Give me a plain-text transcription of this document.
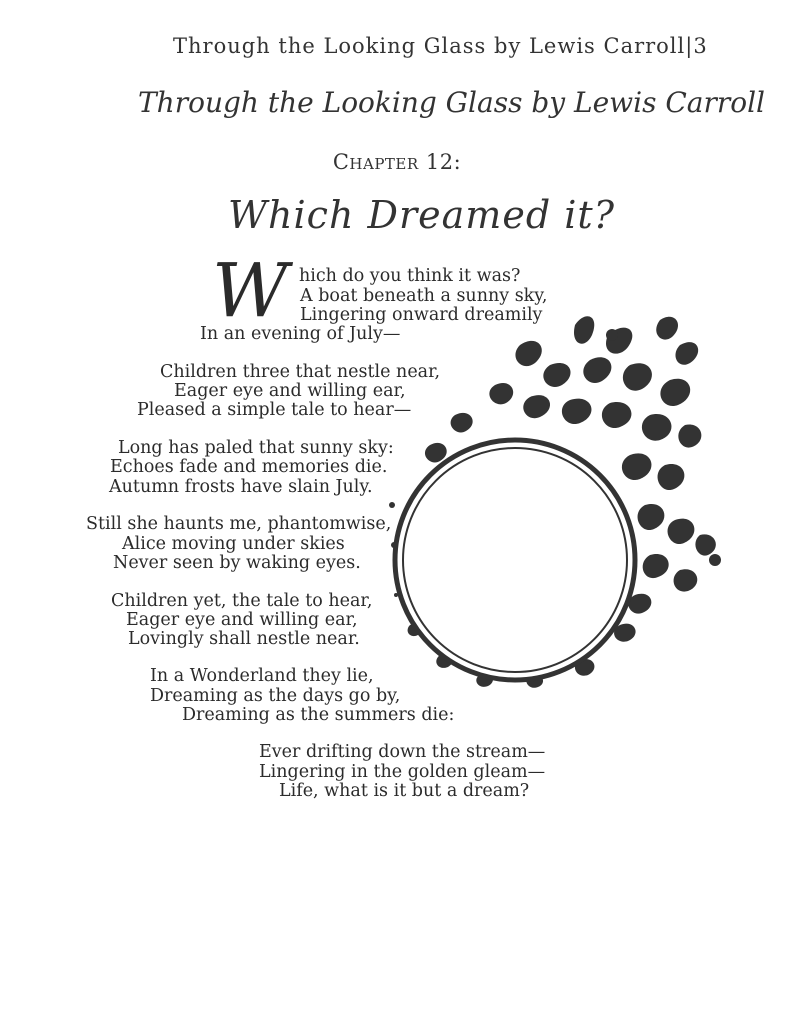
Through the Looking Glass by Lewis Carroll|3
Through the Looking Glass by Lewis Carroll
Chapter 12:
Which Dreamed it?
W hich do you think it was?
A boat beneath a sunny sky,
Lingering onward dreamily
In an evening of July—
Children three that nestle near,
Eager eye and willing ear,
Pleased a simple tale to hear—
Long has paled that sunny sky:
Echoes fade and memories die.
Autumn frosts have slain July.
Still she haunts me, phantomwise,
Alice moving under skies
Never seen by waking eyes.
Children yet, the tale to hear,
Eager eye and willing ear,
Lovingly shall nestle near.
In a Wonderland they lie,
Dreaming as the days go by,
Dreaming as the summers die:
Ever drifting down the stream—
Lingering in the golden gleam—
Life, what is it but a dream?
